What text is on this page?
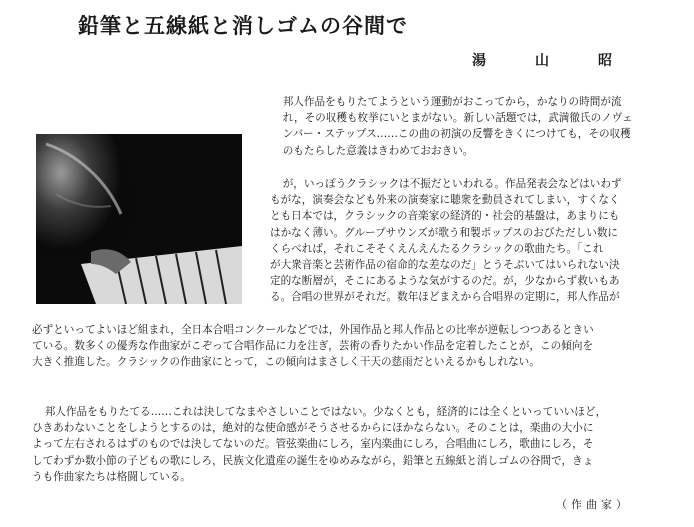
鉛筆と五線紙と消しゴムの谷間で
湯	山	昭
邦人作品をもりたてようという運動がおこってから，かなりの時間が流
れ，その収穫も枚挙にいとまがない。新しい話題では，武満徹氏のノヴェ
ンバー・ステップス……この曲の初演の反響をきくにつけても，その収穫
のもたらした意義はきわめておおきい。
が，いっぽうクラシックは不振だといわれる。作品発表会などはいわず
もがな，演奏会なども外来の演奏家に聴衆を動員されてしまい，すくなく
とも日本では，クラシックの音楽家の経済的・社会的基盤は，あまりにも
はかなく薄い。グループサウンズが歌う和製ポップスのおびただしい数に
くらべれば，それこそそくえんえんたるクラシックの歌曲たち。「これ
が大衆音楽と芸術作品の宿命的な差なのだ」とうそぶいてはいられない決
定的な断層が，そこにあるような気がするのだ。が，少なからず救いもあ
る。合唱の世界がそれだ。数年ほどまえから合唱界の定期に，邦人作品が
必ずといってよいほど組まれ，全日本合唱コンクールなどでは，外国作品と邦人作品との比率が逆転しつつあるときい
ている。数多くの優秀な作曲家がこぞって合唱作品に力を注ぎ，芸術の香りたかい作品を定着したことが，この傾向を
大きく推進した。クラシックの作曲家にとって，この傾向はまさしく干天の慈雨だといえるかもしれない。
邦人作品をもりたてる……これは決してなまやさしいことではない。少なくとも，経済的には全くといっていいほど，
ひきあわないことをしようとするのは，絶対的な使命感がそうさせるからにほかならない。そのことは，楽曲の大小に
よって左右されるはずのものでは決してないのだ。管弦楽曲にしろ，室内楽曲にしろ，合唱曲にしろ，歌曲にしろ，そ
してわずか数小節の子どもの歌にしろ，民族文化遺産の誕生をゆめみながら，鉛筆と五線紙と消しゴムの谷間で，きょ
うも作曲家たちは格闘している。
（作曲家）
